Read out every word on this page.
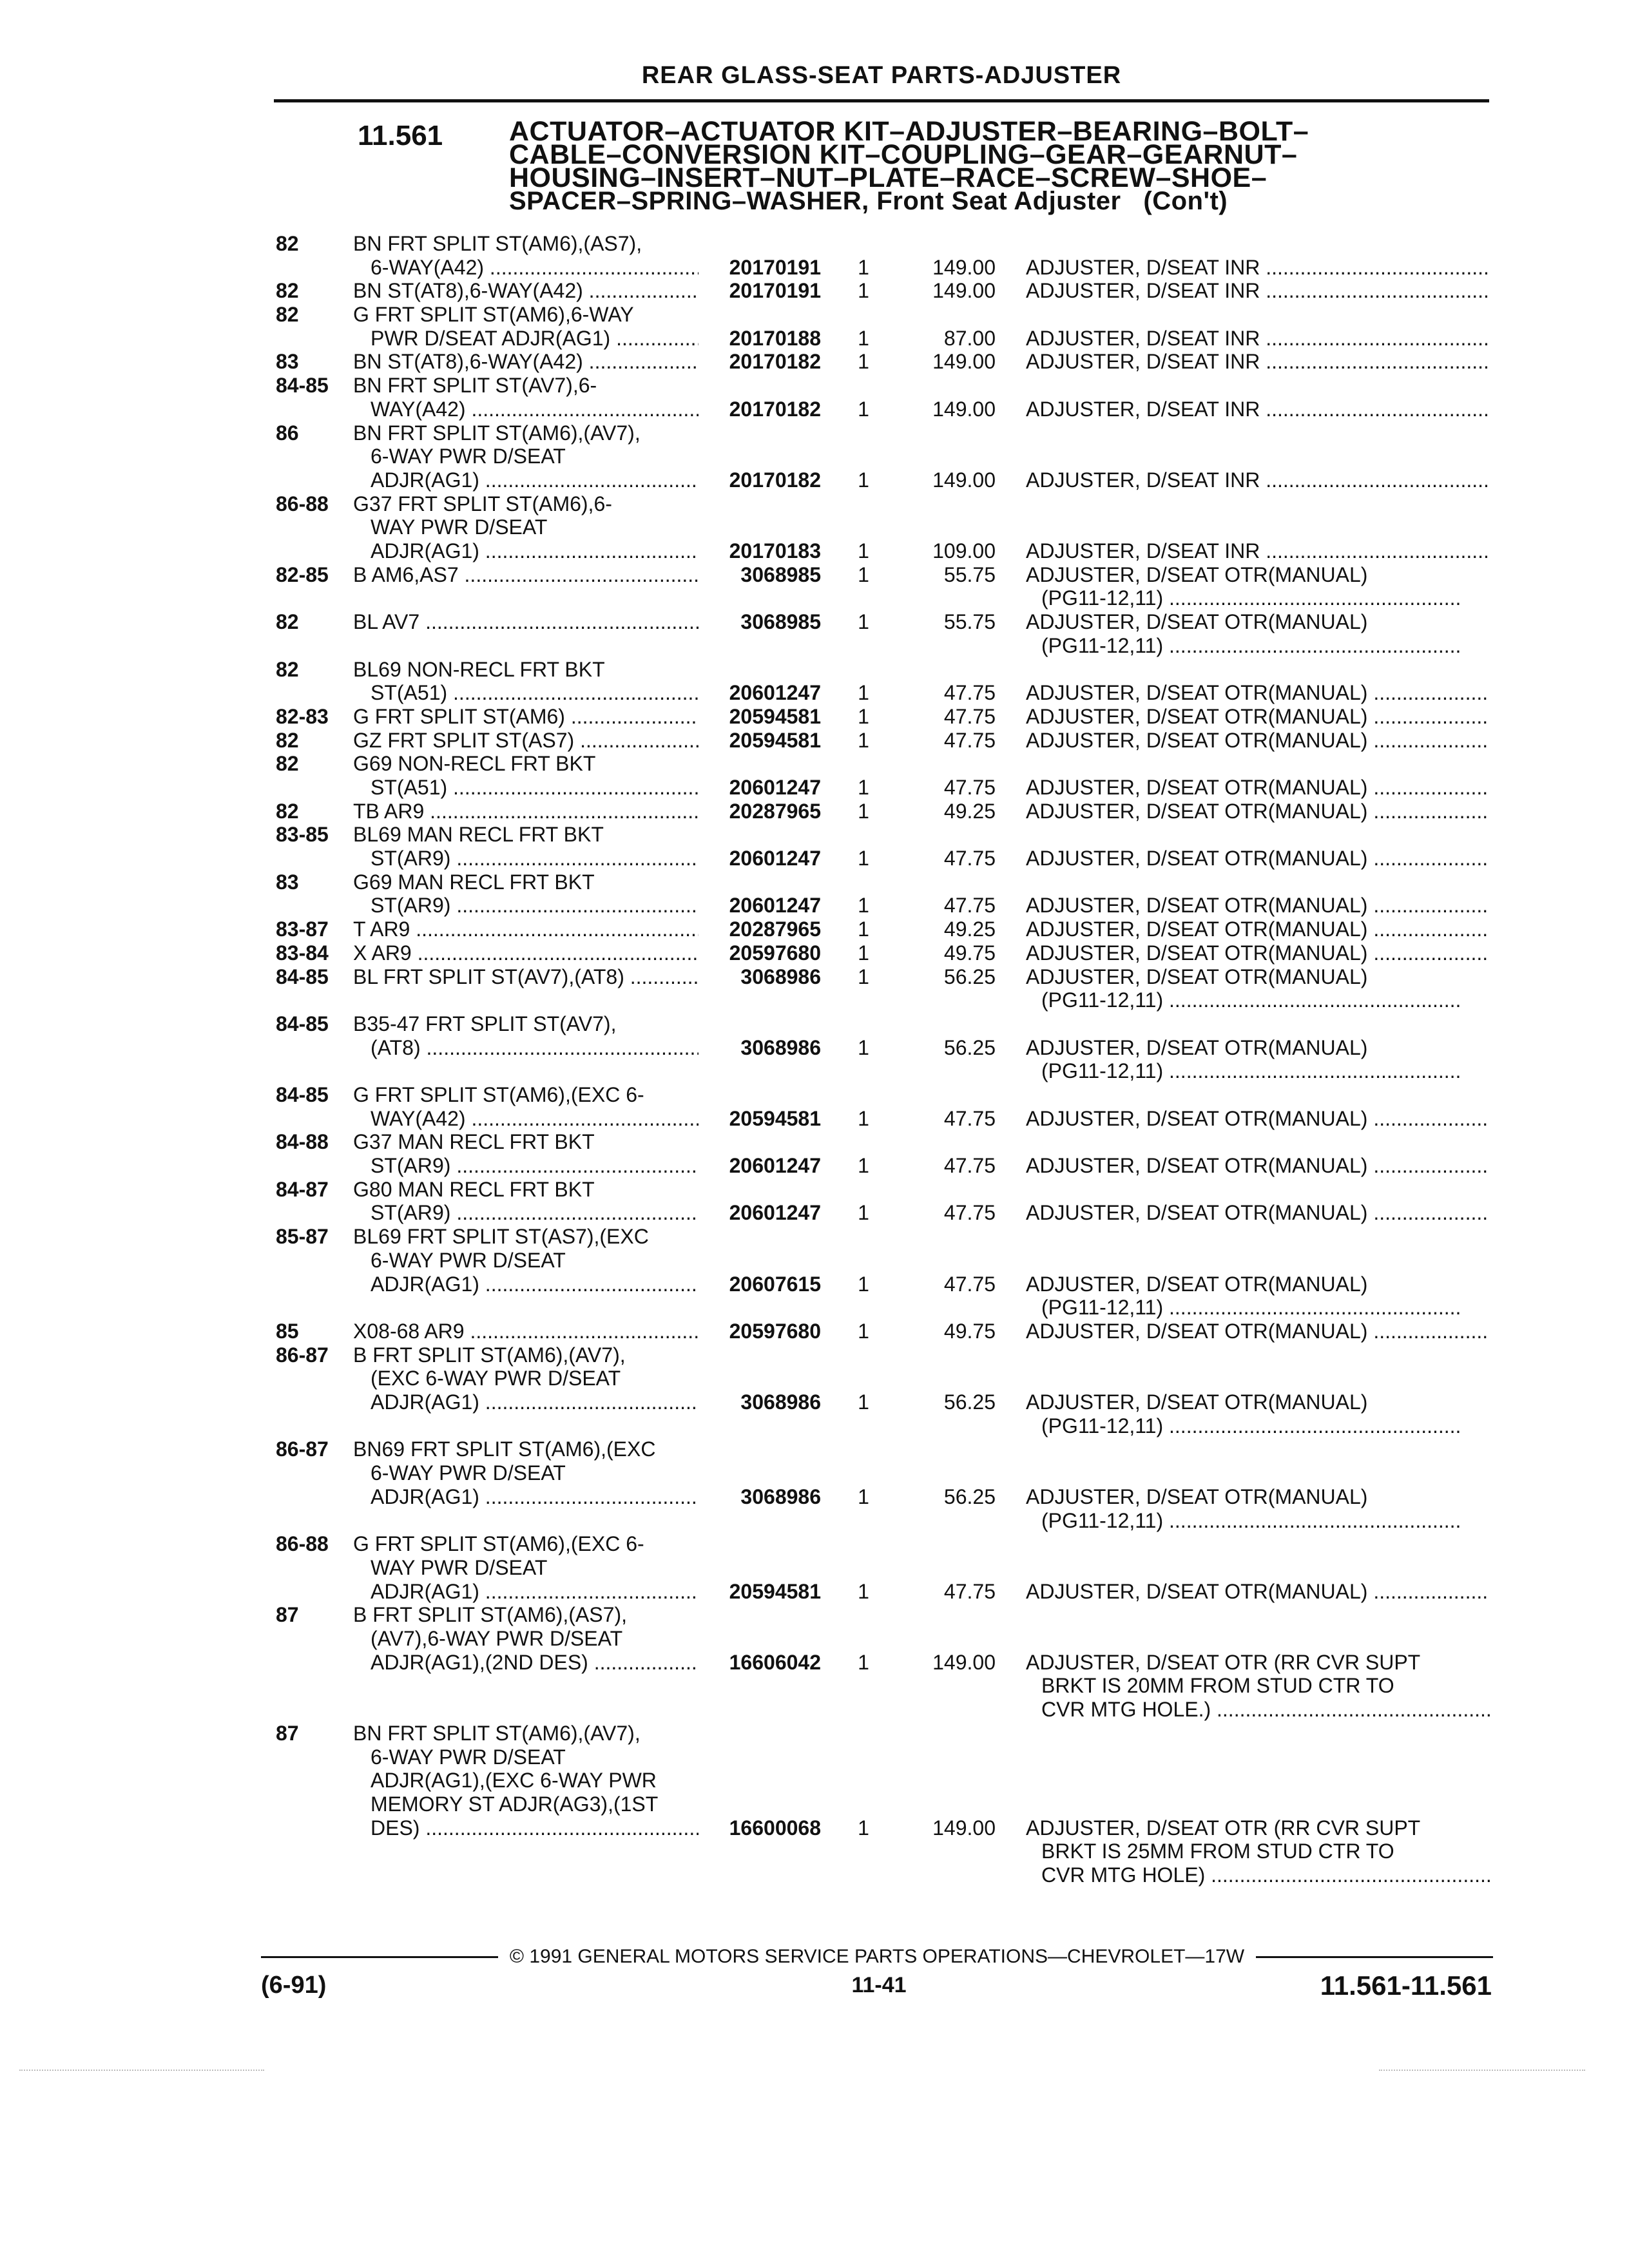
REAR GLASS-SEAT PARTS-ADJUSTER
11.561 ACTUATOR–ACTUATOR KIT–ADJUSTER–BEARING–BOLT–
CABLE–CONVERSION KIT–COUPLING–GEAR–GEARNUT–
HOUSING–INSERT–NUT–PLATE–RACE–SCREW–SHOE–
SPACER–SPRING–WASHER, Front Seat Adjuster (Con't)
82	BN FRT SPLIT ST(AM6),(AS7),
6-WAY(A42) .....	20170191	1	149.00 ADJUSTER, D/SEAT INR .....
82	BN ST(AT8),6-WAY(A42) .....	20170191	1	149.00 ADJUSTER, D/SEAT INR .....
82	G FRT SPLIT ST(AM6),6-WAY
PWR D/SEAT ADJR(AG1) .....	20170188	1	87.00 ADJUSTER, D/SEAT INR .....
83	BN ST(AT8),6-WAY(A42) .....	20170182	1	149.00 ADJUSTER, D/SEAT INR .....
84-85 BN FRT SPLIT ST(AV7),6-
WAY(A42) .....	20170182	1	149.00 ADJUSTER, D/SEAT INR .....
86	BN FRT SPLIT ST(AM6),(AV7),
6-WAY PWR D/SEAT
ADJR(AG1) .....	20170182	1	149.00 ADJUSTER, D/SEAT INR .....
86-88 G37 FRT SPLIT ST(AM6),6-
WAY PWR D/SEAT
ADJR(AG1) .....	20170183	1	109.00 ADJUSTER, D/SEAT INR .....
82-85 B AM6,AS7 .....	3068985	1	55.75 ADJUSTER, D/SEAT OTR(MANUAL)
(PG11-12,11) .....
82	BL AV7 .....	3068985	1	55.75 ADJUSTER, D/SEAT OTR(MANUAL)
(PG11-12,11) .....
82	BL69 NON-RECL FRT BKT
ST(A51) .....	20601247	1	47.75 ADJUSTER, D/SEAT OTR(MANUAL) .....
82-83 G FRT SPLIT ST(AM6) .....	20594581	1	47.75 ADJUSTER, D/SEAT OTR(MANUAL) .....
82	GZ FRT SPLIT ST(AS7) .....	20594581	1	47.75 ADJUSTER, D/SEAT OTR(MANUAL) .....
82	G69 NON-RECL FRT BKT
ST(A51) .....	20601247	1	47.75 ADJUSTER, D/SEAT OTR(MANUAL) .....
82	TB AR9 .....	20287965	1	49.25 ADJUSTER, D/SEAT OTR(MANUAL) .....
83-85 BL69 MAN RECL FRT BKT
ST(AR9) .....	20601247	1	47.75 ADJUSTER, D/SEAT OTR(MANUAL) .....
83	G69 MAN RECL FRT BKT
ST(AR9) .....	20601247	1	47.75 ADJUSTER, D/SEAT OTR(MANUAL) .....
83-87 T AR9 .....	20287965	1	49.25 ADJUSTER, D/SEAT OTR(MANUAL) .....
83-84 X AR9 .....	20597680	1	49.75 ADJUSTER, D/SEAT OTR(MANUAL) .....
84-85 BL FRT SPLIT ST(AV7),(AT8) .....	3068986	1	56.25 ADJUSTER, D/SEAT OTR(MANUAL)
(PG11-12,11) .....
84-85 B35-47 FRT SPLIT ST(AV7),
(AT8) .....	3068986	1	56.25 ADJUSTER, D/SEAT OTR(MANUAL)
(PG11-12,11) .....
84-85 G FRT SPLIT ST(AM6),(EXC 6-
WAY(A42) .....	20594581	1	47.75 ADJUSTER, D/SEAT OTR(MANUAL) .....
84-88 G37 MAN RECL FRT BKT
ST(AR9) .....	20601247	1	47.75 ADJUSTER, D/SEAT OTR(MANUAL) .....
84-87 G80 MAN RECL FRT BKT
ST(AR9) .....	20601247	1	47.75 ADJUSTER, D/SEAT OTR(MANUAL) .....
85-87 BL69 FRT SPLIT ST(AS7),(EXC
6-WAY PWR D/SEAT
ADJR(AG1) .....	20607615	1	47.75 ADJUSTER, D/SEAT OTR(MANUAL)
(PG11-12,11) .....
85	X08-68 AR9 .....	20597680	1	49.75 ADJUSTER, D/SEAT OTR(MANUAL) .....
86-87 B FRT SPLIT ST(AM6),(AV7),
(EXC 6-WAY PWR D/SEAT
ADJR(AG1) .....	3068986	1	56.25 ADJUSTER, D/SEAT OTR(MANUAL)
(PG11-12,11) .....
86-87 BN69 FRT SPLIT ST(AM6),(EXC
6-WAY PWR D/SEAT
ADJR(AG1) .....	3068986	1	56.25 ADJUSTER, D/SEAT OTR(MANUAL)
(PG11-12,11) .....
86-88 G FRT SPLIT ST(AM6),(EXC 6-
WAY PWR D/SEAT
ADJR(AG1) .....	20594581	1	47.75 ADJUSTER, D/SEAT OTR(MANUAL) .....
87	B FRT SPLIT ST(AM6),(AS7),
(AV7),6-WAY PWR D/SEAT
ADJR(AG1),(2ND DES) .....	16606042	1	149.00 ADJUSTER, D/SEAT OTR (RR CVR SUPT
BRKT IS 20MM FROM STUD CTR TO
CVR MTG HOLE.) .....
87	BN FRT SPLIT ST(AM6),(AV7),
6-WAY PWR D/SEAT
ADJR(AG1),(EXC 6-WAY PWR
MEMORY ST ADJR(AG3),(1ST
DES) .....	16600068	1	149.00 ADJUSTER, D/SEAT OTR (RR CVR SUPT
BRKT IS 25MM FROM STUD CTR TO
CVR MTG HOLE) .....
© 1991 GENERAL MOTORS SERVICE PARTS OPERATIONS—CHEVROLET—17W
(6-91)	11-41	11.561-11.561
